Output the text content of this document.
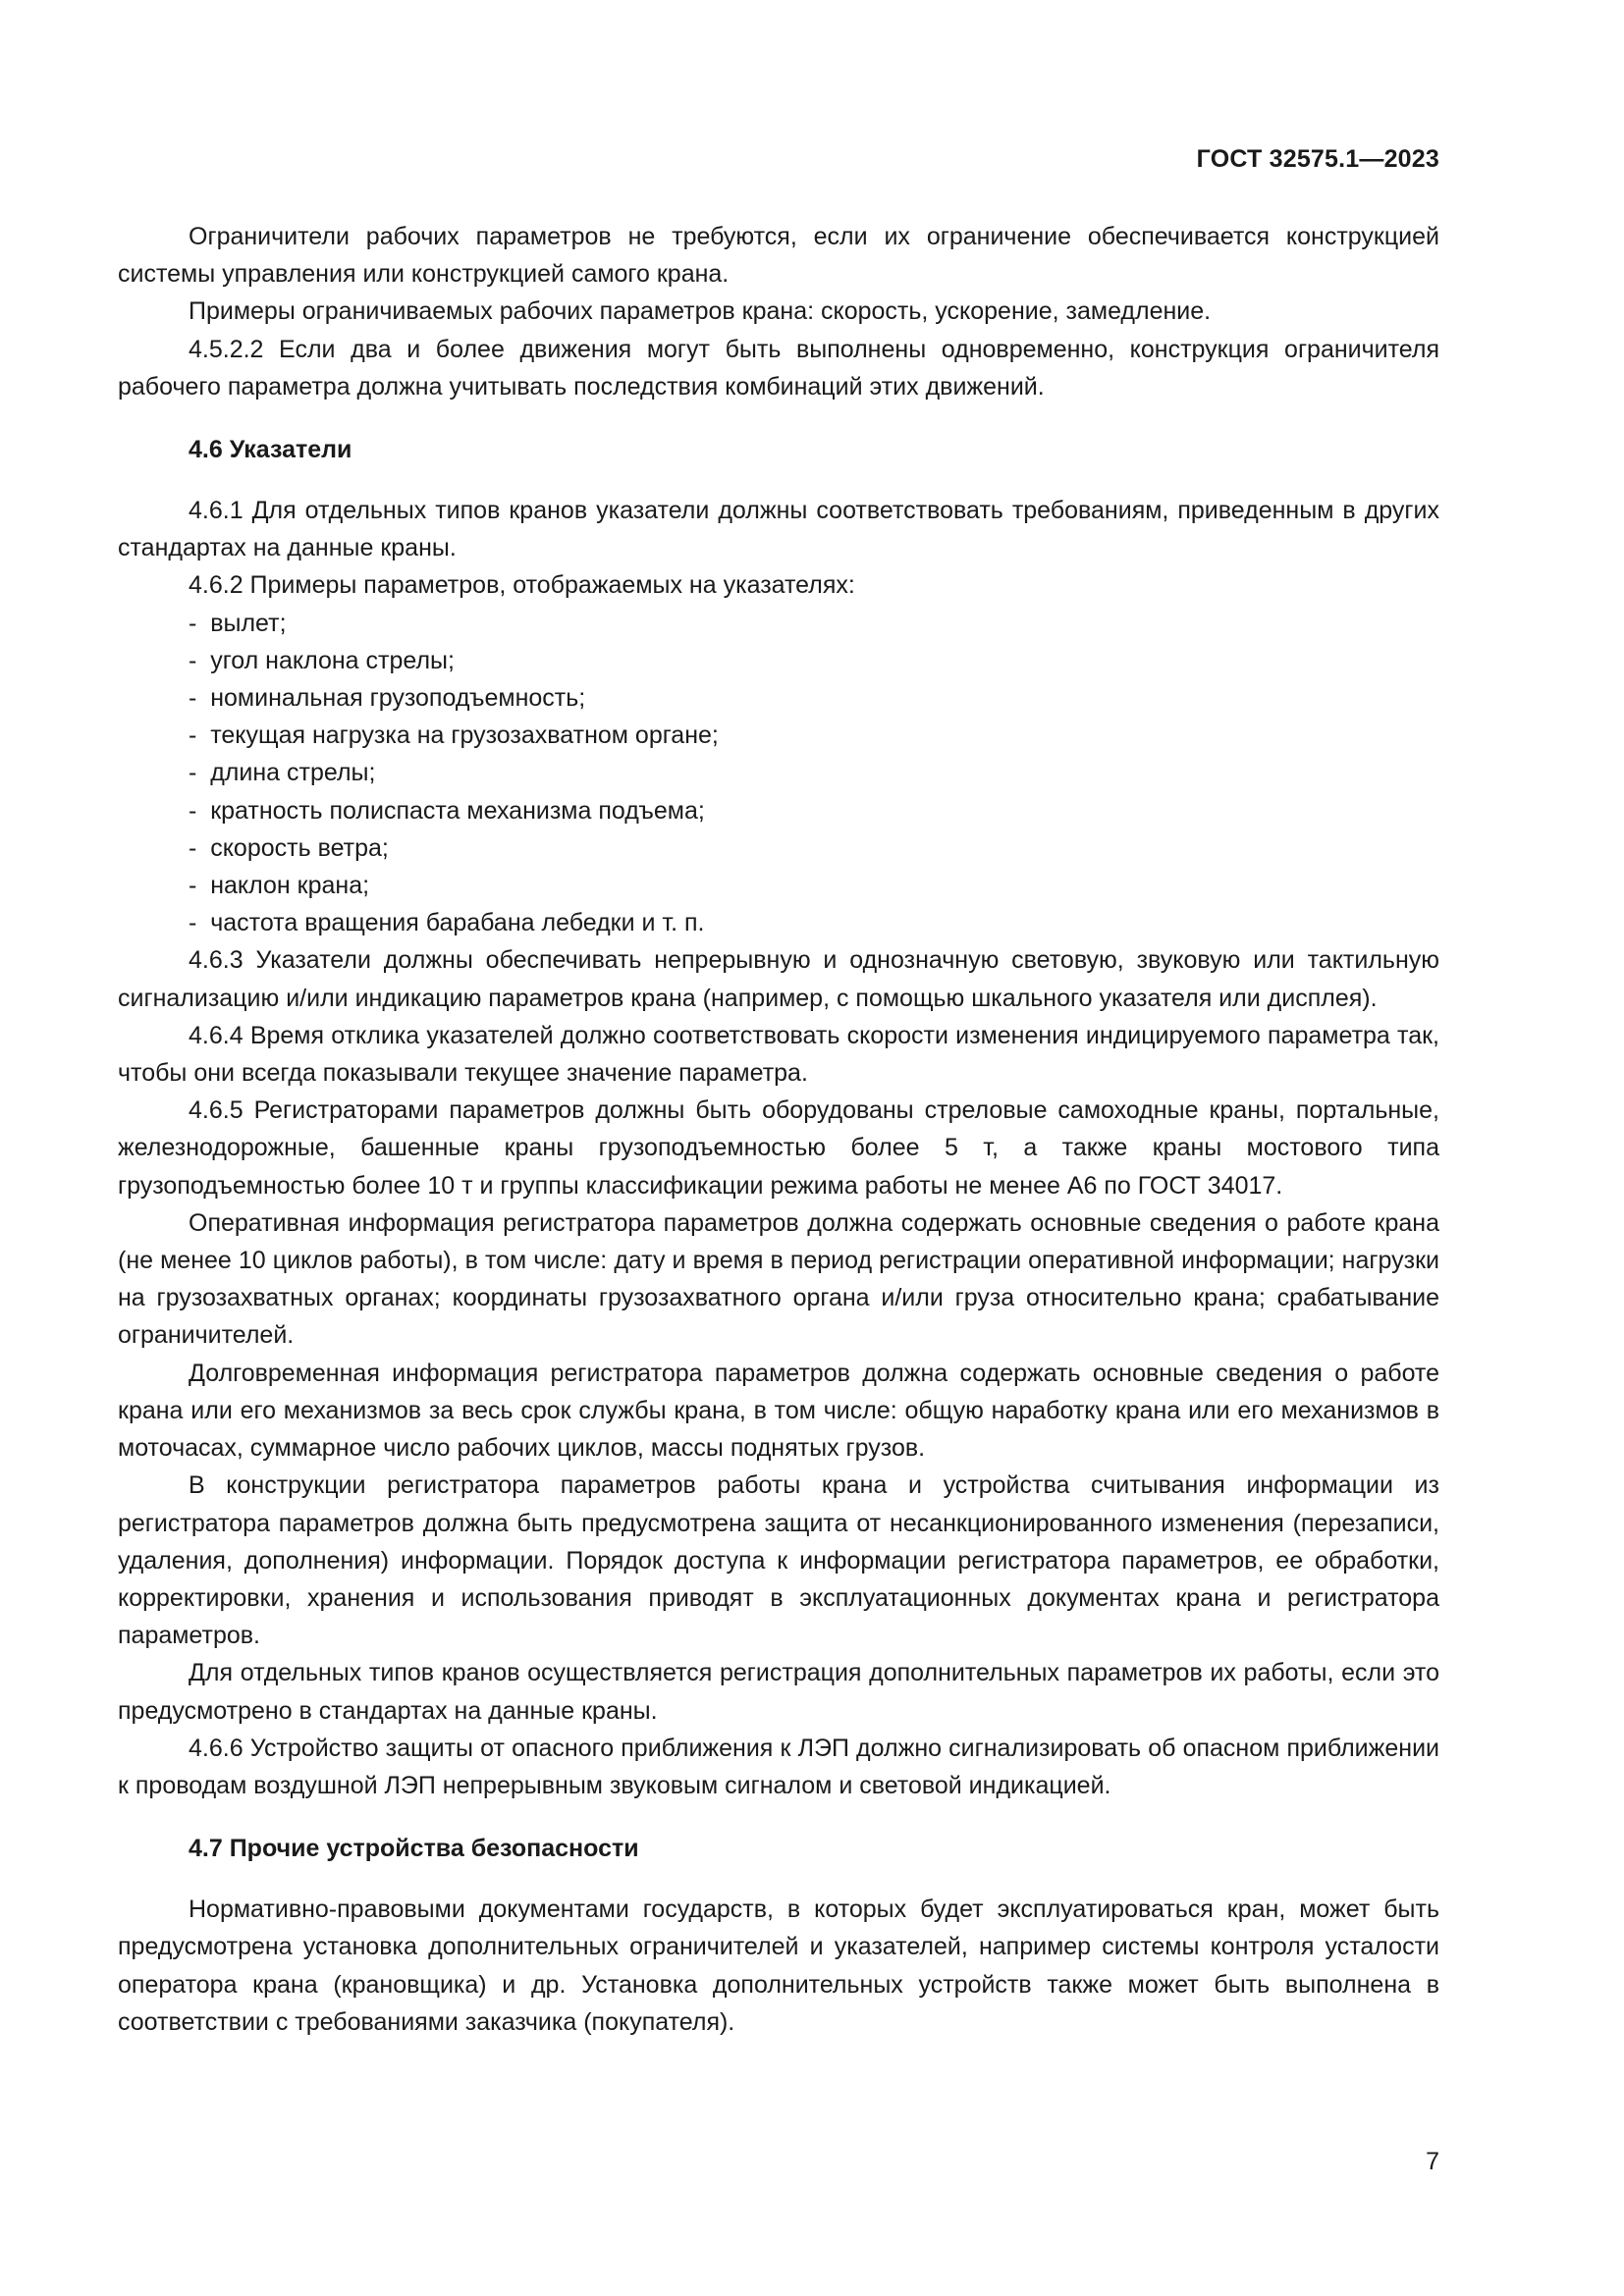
ГОСТ 32575.1—2023

Ограничители рабочих параметров не требуются, если их ограничение обеспечивается конструкцией системы управления или конструкцией самого крана.

Примеры ограничиваемых рабочих параметров крана: скорость, ускорение, замедление.

4.5.2.2 Если два и более движения могут быть выполнены одновременно, конструкция ограничителя рабочего параметра должна учитывать последствия комбинаций этих движений.

4.6 Указатели

4.6.1 Для отдельных типов кранов указатели должны соответствовать требованиям, приведенным в других стандартах на данные краны.

4.6.2 Примеры параметров, отображаемых на указателях:

-  вылет;
-  угол наклона стрелы;
-  номинальная грузоподъемность;
-  текущая нагрузка на грузозахватном органе;
-  длина стрелы;
-  кратность полиспаста механизма подъема;
-  скорость ветра;
-  наклон крана;
-  частота вращения барабана лебедки и т. п.

4.6.3 Указатели должны обеспечивать непрерывную и однозначную световую, звуковую или тактильную сигнализацию и/или индикацию параметров крана (например, с помощью шкального указателя или дисплея).

4.6.4 Время отклика указателей должно соответствовать скорости изменения индицируемого параметра так, чтобы они всегда показывали текущее значение параметра.

4.6.5 Регистраторами параметров должны быть оборудованы стреловые самоходные краны, портальные, железнодорожные, башенные краны грузоподъемностью более 5 т, а также краны мостового типа грузоподъемностью более 10 т и группы классификации режима работы не менее А6 по ГОСТ 34017.

Оперативная информация регистратора параметров должна содержать основные сведения о работе крана (не менее 10 циклов работы), в том числе: дату и время в период регистрации оперативной информации; нагрузки на грузозахватных органах; координаты грузозахватного органа и/или груза относительно крана; срабатывание ограничителей.

Долговременная информация регистратора параметров должна содержать основные сведения о работе крана или его механизмов за весь срок службы крана, в том числе: общую наработку крана или его механизмов в моточасах, суммарное число рабочих циклов, массы поднятых грузов.

В конструкции регистратора параметров работы крана и устройства считывания информации из регистратора параметров должна быть предусмотрена защита от несанкционированного изменения (перезаписи, удаления, дополнения) информации. Порядок доступа к информации регистратора параметров, ее обработки, корректировки, хранения и использования приводят в эксплуатационных документах крана и регистратора параметров.

Для отдельных типов кранов осуществляется регистрация дополнительных параметров их работы, если это предусмотрено в стандартах на данные краны.

4.6.6 Устройство защиты от опасного приближения к ЛЭП должно сигнализировать об опасном приближении к проводам воздушной ЛЭП непрерывным звуковым сигналом и световой индикацией.

4.7 Прочие устройства безопасности

Нормативно-правовыми документами государств, в которых будет эксплуатироваться кран, может быть предусмотрена установка дополнительных ограничителей и указателей, например системы контроля усталости оператора крана (крановщика) и др. Установка дополнительных устройств также может быть выполнена в соответствии с требованиями заказчика (покупателя).

7
